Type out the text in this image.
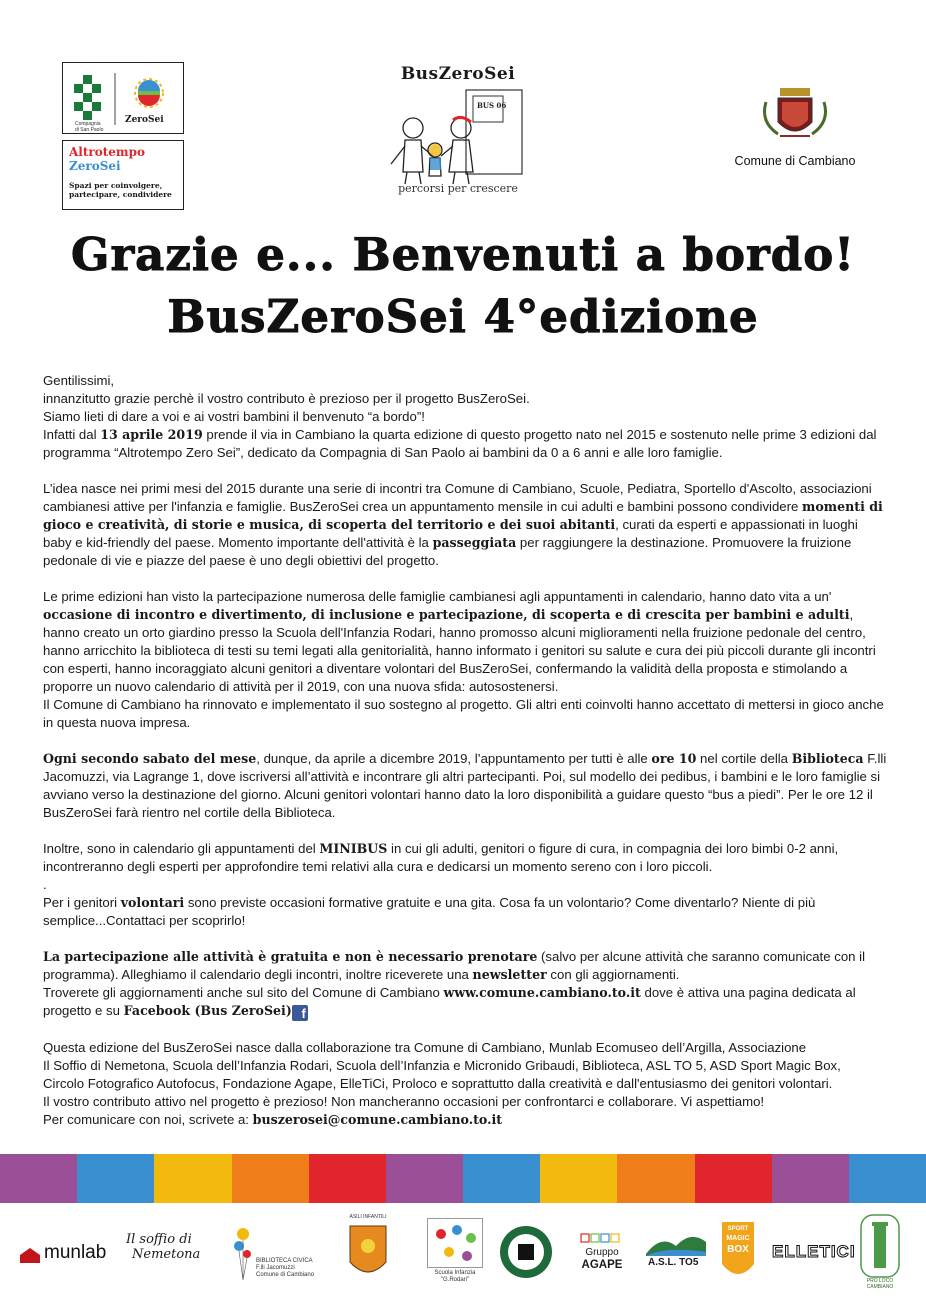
Compagnia
di San Paolo
ZeroSei
Altrotempo
ZeroSei
Spazi per coinvolgere, partecipare, condividere
BusZeroSei
BUS 06
percorsi per crescere
Comune di Cambiano
Grazie e... Benvenuti a bordo!
BusZeroSei 4°edizione

Gentilissimi,

innanzitutto grazie perchè il vostro contributo è prezioso per il progetto BusZeroSei.

Siamo lieti di dare a voi e ai vostri bambini il benvenuto “a bordo”!

Infatti dal 13 aprile 2019 prende il via in Cambiano la quarta edizione di questo progetto nato nel 2015 e sostenuto nelle prime 3 edizioni dal programma “Altrotempo Zero Sei”, dedicato da Compagnia di San Paolo ai bambini da 0 a 6 anni e alle loro famiglie.

L’idea nasce nei primi mesi del 2015 durante una serie di incontri tra Comune di Cambiano, Scuole, Pediatra, Sportello d'Ascolto, associazioni cambianesi attive per l'infanzia e famiglie. BusZeroSei crea un appuntamento mensile in cui adulti e bambini possono condividere momenti di gioco e creatività, di storie e musica, di scoperta del territorio e dei suoi abitanti, curati da esperti e appassionati in luoghi baby e kid-friendly del paese. Momento importante dell'attività è la passeggiata per raggiungere la destinazione. Promuovere la fruizione pedonale di vie e piazze del paese è uno degli obiettivi del progetto.

Le prime edizioni han visto la partecipazione numerosa delle famiglie cambianesi agli appuntamenti in calendario, hanno dato vita a un' occasione di incontro e divertimento, di inclusione e partecipazione, di scoperta e di crescita per bambini e adulti, hanno creato un orto giardino presso la Scuola dell'Infanzia Rodari, hanno promosso alcuni miglioramenti nella fruizione pedonale del centro, hanno arricchito la biblioteca di testi su temi legati alla genitorialità, hanno informato i genitori su salute e cura dei più piccoli durante gli incontri con esperti, hanno incoraggiato alcuni genitori a diventare volontari del BusZeroSei, confermando la validità della proposta e stimolando a proporre un nuovo calendario di attività per il 2019, con una nuova sfida: autosostenersi.

Il Comune di Cambiano ha rinnovato e implementato il suo sostegno al progetto. Gli altri enti coinvolti hanno accettato di mettersi in gioco anche in questa nuova impresa.

Ogni secondo sabato del mese, dunque, da aprile a dicembre 2019, l’appuntamento per tutti è alle ore 10 nel cortile della Biblioteca F.lli Jacomuzzi, via Lagrange 1, dove iscriversi all’attività e incontrare gli altri partecipanti. Poi, sul modello dei pedibus, i bambini e le loro famiglie si avviano verso la destinazione del giorno. Alcuni genitori volontari hanno dato la loro disponibilità a guidare questo “bus a piedi”. Per le ore 12 il BusZeroSei farà rientro nel cortile della Biblioteca.

Inoltre, sono in calendario gli appuntamenti del MINIBUS in cui gli adulti, genitori o figure di cura, in compagnia dei loro bimbi 0-2 anni, incontreranno degli esperti per approfondire temi relativi alla cura e dedicarsi un momento sereno con i loro piccoli.

.

Per i genitori volontari sono previste occasioni formative gratuite e una gita. Cosa fa un volontario? Come diventarlo? Niente di più semplice...Contattaci per scoprirlo!

La partecipazione alle attività è gratuita e non è necessario prenotare (salvo per alcune attività che saranno comunicate con il programma). Alleghiamo il calendario degli incontri, inoltre riceverete una newsletter con gli aggiornamenti.

Troverete gli aggiornamenti anche sul sito del Comune di Cambiano www.comune.cambiano.to.it dove è attiva una pagina dedicata al progetto e su Facebook (Bus ZeroSei) f

Questa edizione del BusZeroSei nasce dalla collaborazione tra Comune di Cambiano, Munlab Ecomuseo dell’Argilla, Associazione

Il Soffio di Nemetona, Scuola dell’Infanzia Rodari, Scuola dell’Infanzia e Micronido Gribaudi, Biblioteca, ASL TO 5, ASD Sport Magic Box,

Circolo Fotografico Autofocus, Fondazione Agape, ElleTiCi, Proloco e soprattutto dalla creatività e dall'entusiasmo dei genitori volontari.

Il vostro contributo attivo nel progetto è prezioso! Non mancheranno occasioni per confrontarci e collaborare. Vi aspettiamo!

Per comunicare con noi, scrivete a: buszerosei@comune.cambiano.to.it

munlab
Il soffio di
Nemetona	BIBLIOTECA CIVICA
F.lli Jacomuzzi
Comune di Cambiano
ASILI INFANTILI
Scuola Infanzia
"G.Rodari"
Gruppo
AGAPE	A.S.L. TO5
SPORT
MAGIC
BOX	ELLETICI
PRO LOCO
CAMBIANO
